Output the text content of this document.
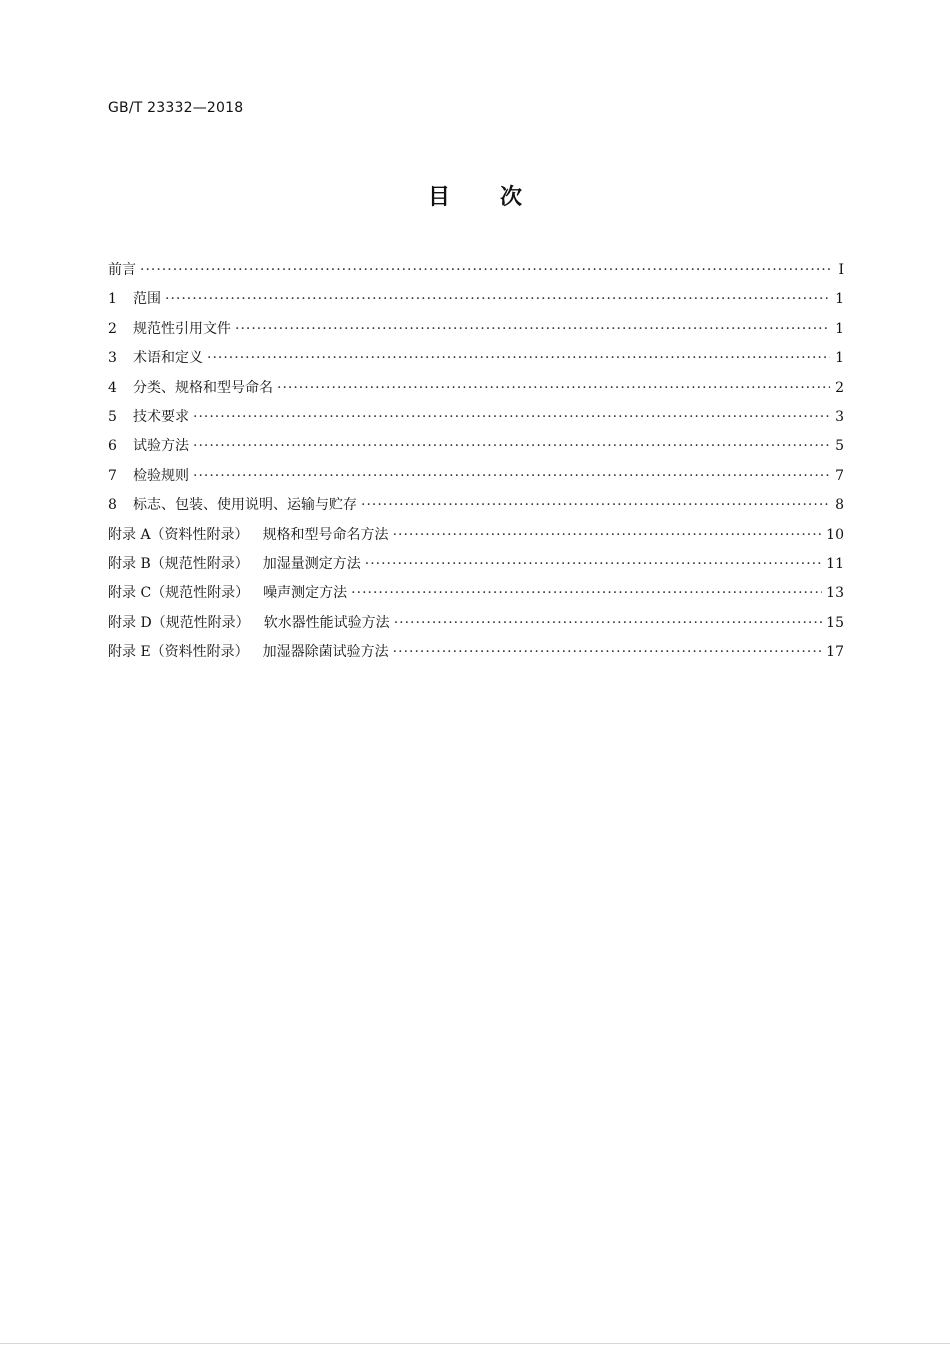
GB/T 23332—2018
目次
前言 ·····	Ⅰ
1	范围 ·····	1
2	规范性引用文件 ·····	1
3	术语和定义 ·····	1
4	分类、规格和型号命名 ·····	2
5	技术要求 ·····	3
6	试验方法 ·····	5
7	检验规则 ·····	7
8	标志、包装、使用说明、运输与贮存 ·····	8
附录 A（资料性附录） 规格和型号命名方法 ·····	10
附录 B（规范性附录） 加湿量测定方法 ·····	11
附录 C（规范性附录） 噪声测定方法 ·····	13
附录 D（规范性附录） 软水器性能试验方法 ·····	15
附录 E（资料性附录） 加湿器除菌试验方法 ·····	17
